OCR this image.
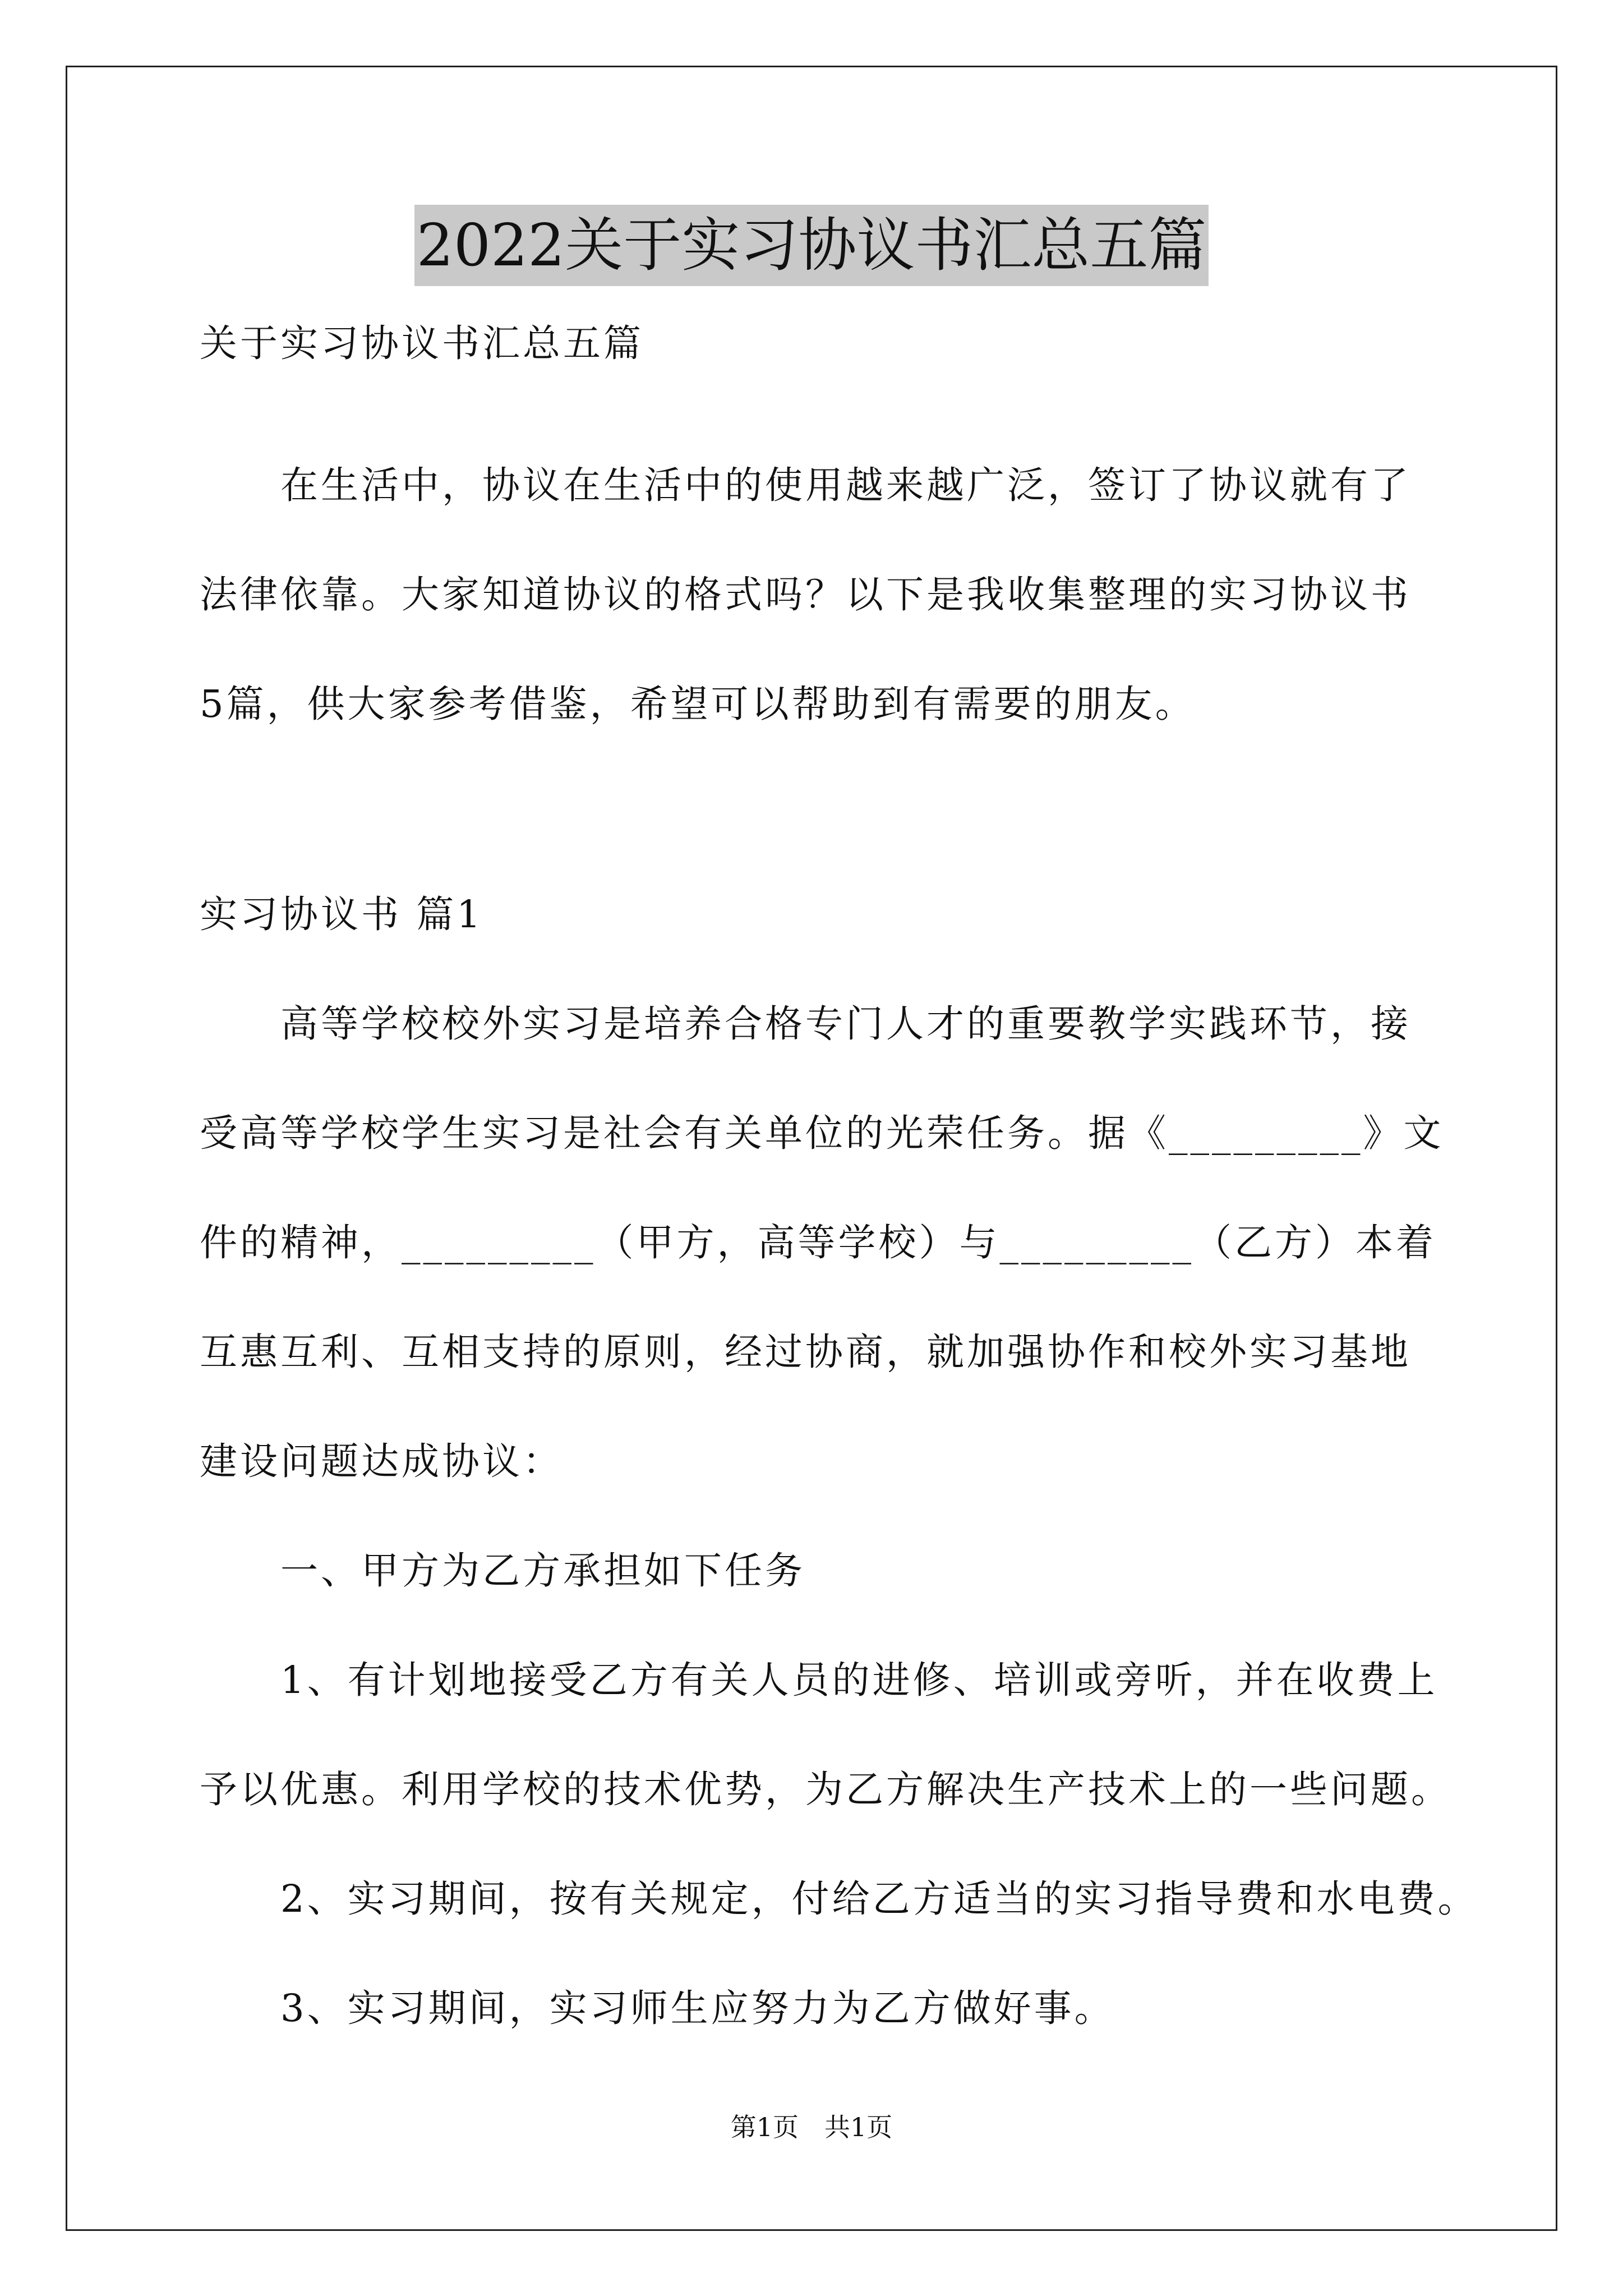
2022关于实习协议书汇总五篇

关于实习协议书汇总五篇

在生活中，协议在生活中的使用越来越广泛，签订了协议就有了

法律依靠。大家知道协议的格式吗？以下是我收集整理的实习协议书

5篇，供大家参考借鉴，希望可以帮助到有需要的朋友。

实习协议书 篇1

高等学校校外实习是培养合格专门人才的重要教学实践环节，接

受高等学校学生实习是社会有关单位的光荣任务。据《_________》文

件的精神，_________（甲方，高等学校）与_________（乙方）本着

互惠互利、互相支持的原则，经过协商，就加强协作和校外实习基地

建设问题达成协议：

一、甲方为乙方承担如下任务

1、有计划地接受乙方有关人员的进修、培训或旁听，并在收费上

予以优惠。利用学校的技术优势，为乙方解决生产技术上的一些问题。

2、实习期间，按有关规定，付给乙方适当的实习指导费和水电费。

3、实习期间，实习师生应努力为乙方做好事。

第1页　共1页
